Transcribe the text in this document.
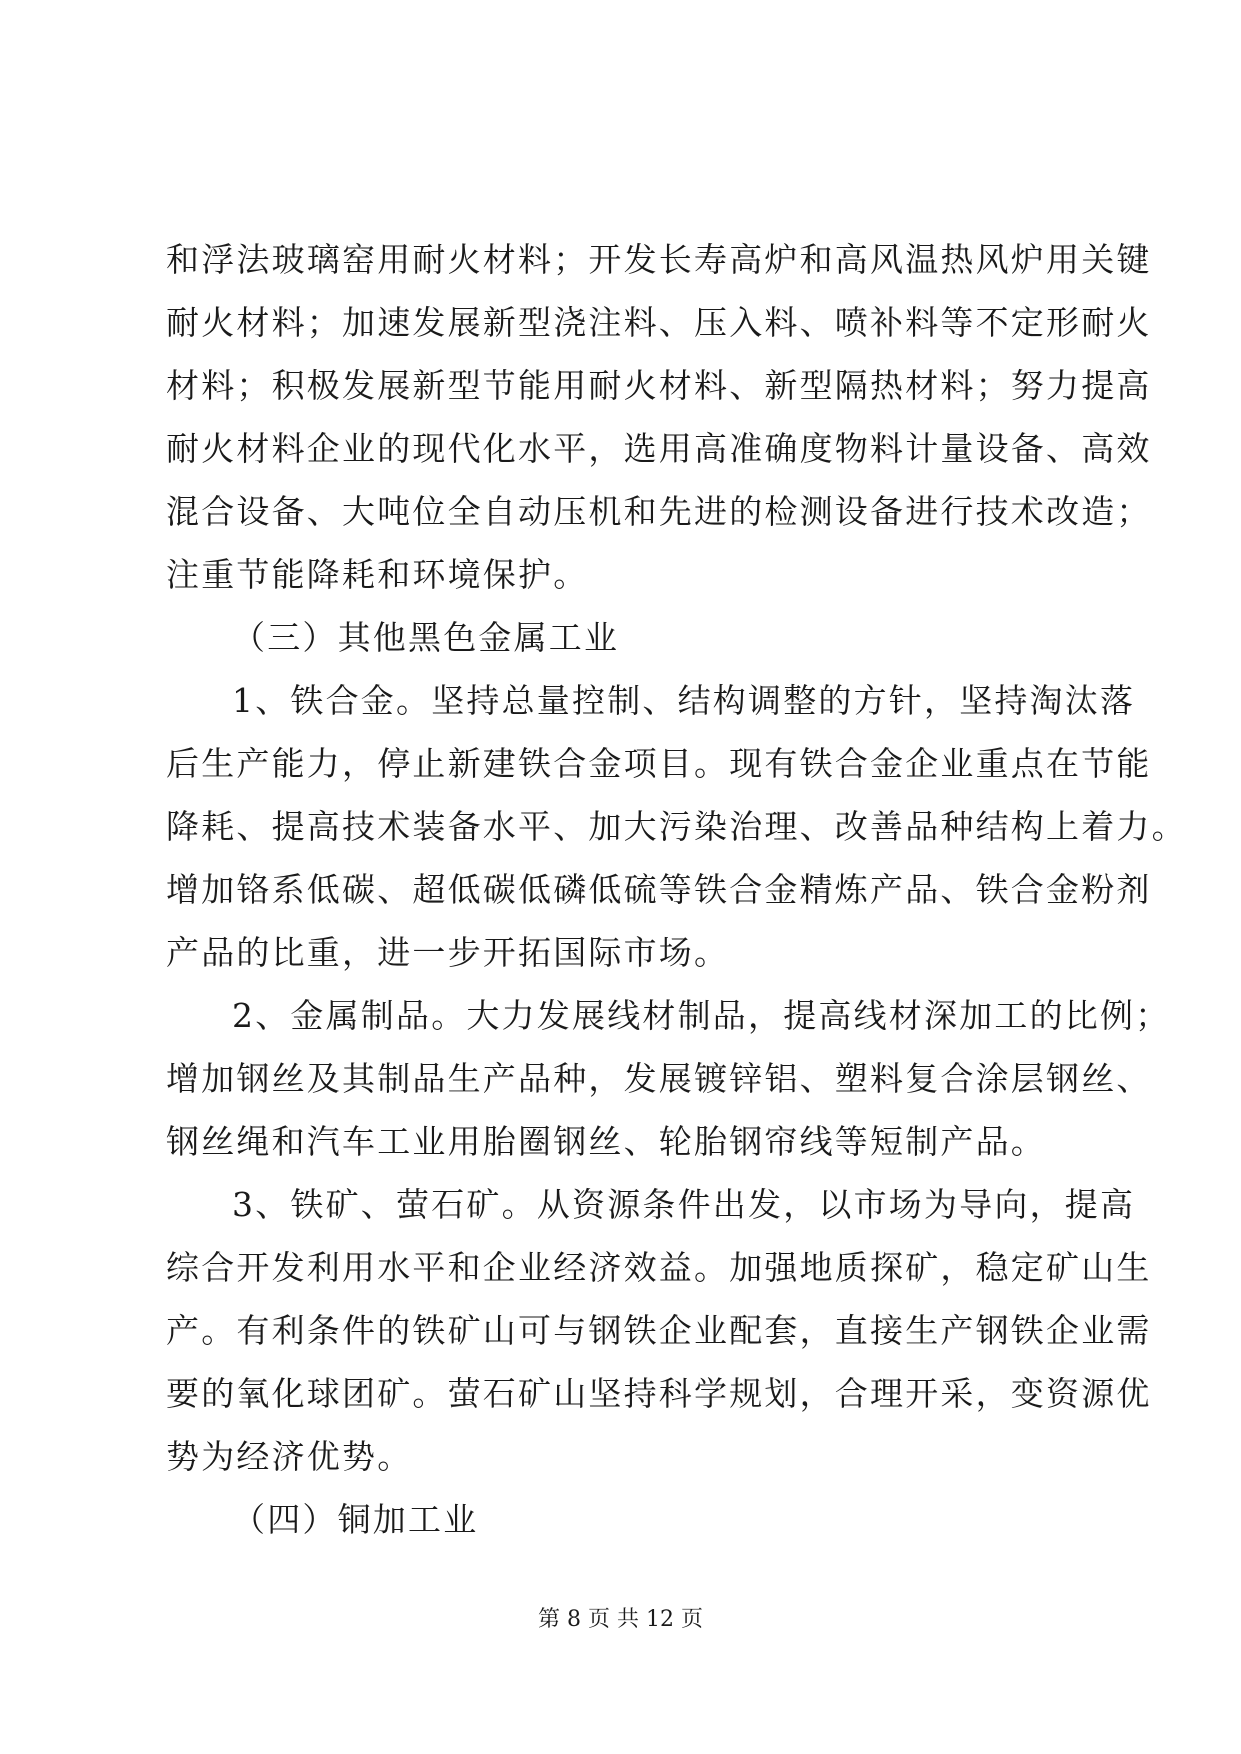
和浮法玻璃窑用耐火材料；开发长寿高炉和高风温热风炉用关键
耐火材料；加速发展新型浇注料、压入料、喷补料等不定形耐火
材料；积极发展新型节能用耐火材料、新型隔热材料；努力提高
耐火材料企业的现代化水平，选用高准确度物料计量设备、高效
混合设备、大吨位全自动压机和先进的检测设备进行技术改造；
注重节能降耗和环境保护。
（三）其他黑色金属工业
1、铁合金。坚持总量控制、结构调整的方针，坚持淘汰落
后生产能力，停止新建铁合金项目。现有铁合金企业重点在节能
降耗、提高技术装备水平、加大污染治理、改善品种结构上着力。
增加铬系低碳、超低碳低磷低硫等铁合金精炼产品、铁合金粉剂
产品的比重，进一步开拓国际市场。
2、金属制品。大力发展线材制品，提高线材深加工的比例；
增加钢丝及其制品生产品种，发展镀锌铝、塑料复合涂层钢丝、
钢丝绳和汽车工业用胎圈钢丝、轮胎钢帘线等短制产品。
3、铁矿、萤石矿。从资源条件出发，以市场为导向，提高
综合开发利用水平和企业经济效益。加强地质探矿，稳定矿山生
产。有利条件的铁矿山可与钢铁企业配套，直接生产钢铁企业需
要的氧化球团矿。萤石矿山坚持科学规划，合理开采，变资源优
势为经济优势。
（四）铜加工业
第 8 页 共 12 页
